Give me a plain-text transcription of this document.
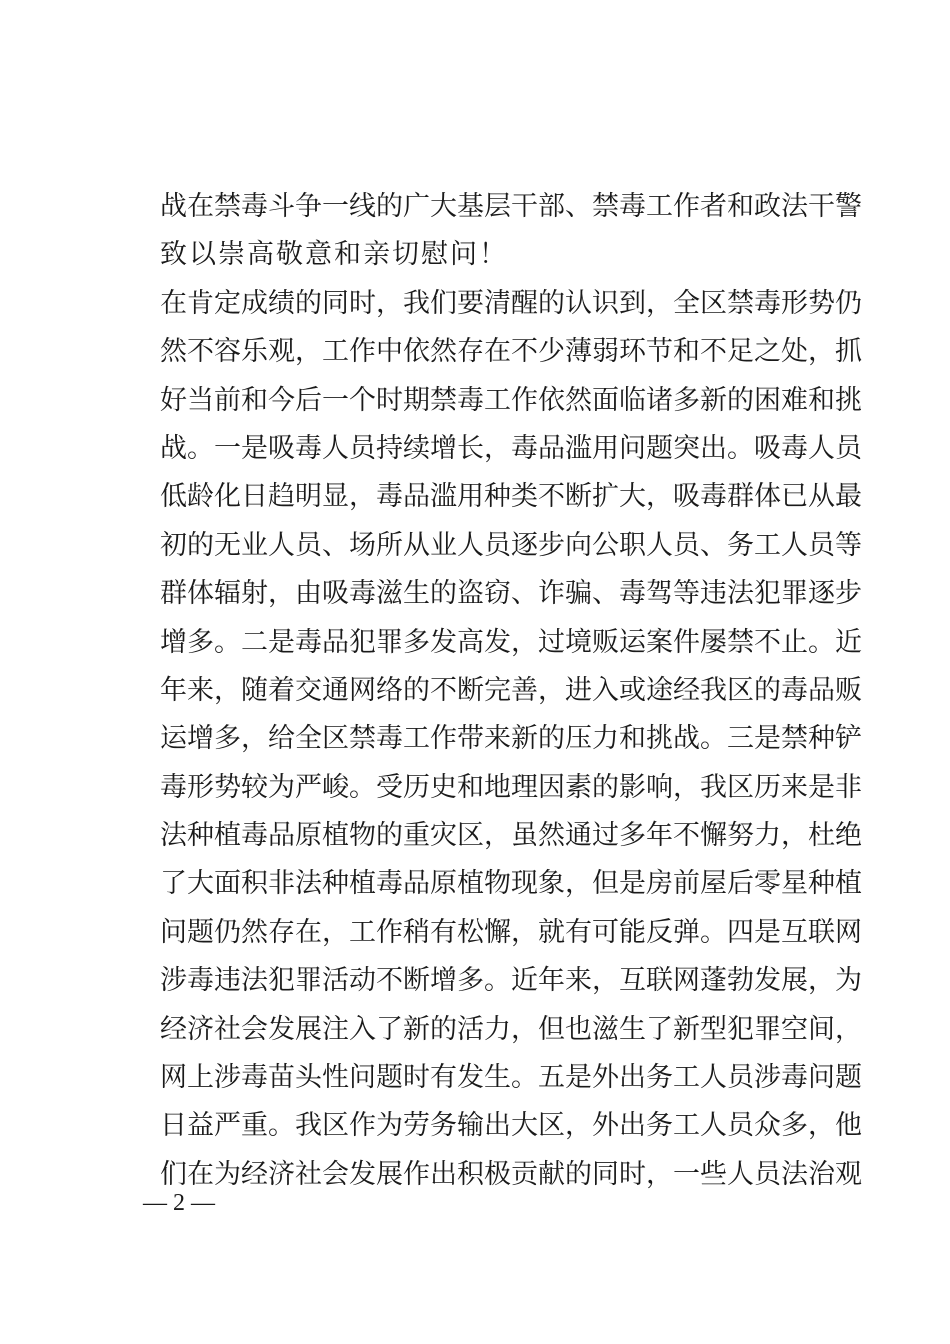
战在禁毒斗争一线的广大基层干部、禁毒工作者和政法干警
致以崇高敬意和亲切慰问！
在肯定成绩的同时，我们要清醒的认识到，全区禁毒形势仍
然不容乐观，工作中依然存在不少薄弱环节和不足之处，抓
好当前和今后一个时期禁毒工作依然面临诸多新的困难和挑
战。一是吸毒人员持续增长，毒品滥用问题突出。吸毒人员
低龄化日趋明显，毒品滥用种类不断扩大，吸毒群体已从最
初的无业人员、场所从业人员逐步向公职人员、务工人员等
群体辐射，由吸毒滋生的盗窃、诈骗、毒驾等违法犯罪逐步
增多。二是毒品犯罪多发高发，过境贩运案件屡禁不止。近
年来，随着交通网络的不断完善，进入或途经我区的毒品贩
运增多，给全区禁毒工作带来新的压力和挑战。三是禁种铲
毒形势较为严峻。受历史和地理因素的影响，我区历来是非
法种植毒品原植物的重灾区，虽然通过多年不懈努力，杜绝
了大面积非法种植毒品原植物现象，但是房前屋后零星种植
问题仍然存在，工作稍有松懈，就有可能反弹。四是互联网
涉毒违法犯罪活动不断增多。近年来，互联网蓬勃发展，为
经济社会发展注入了新的活力，但也滋生了新型犯罪空间，
网上涉毒苗头性问题时有发生。五是外出务工人员涉毒问题
日益严重。我区作为劳务输出大区，外出务工人员众多，他
们在为经济社会发展作出积极贡献的同时，一些人员法治观
— 2 —
